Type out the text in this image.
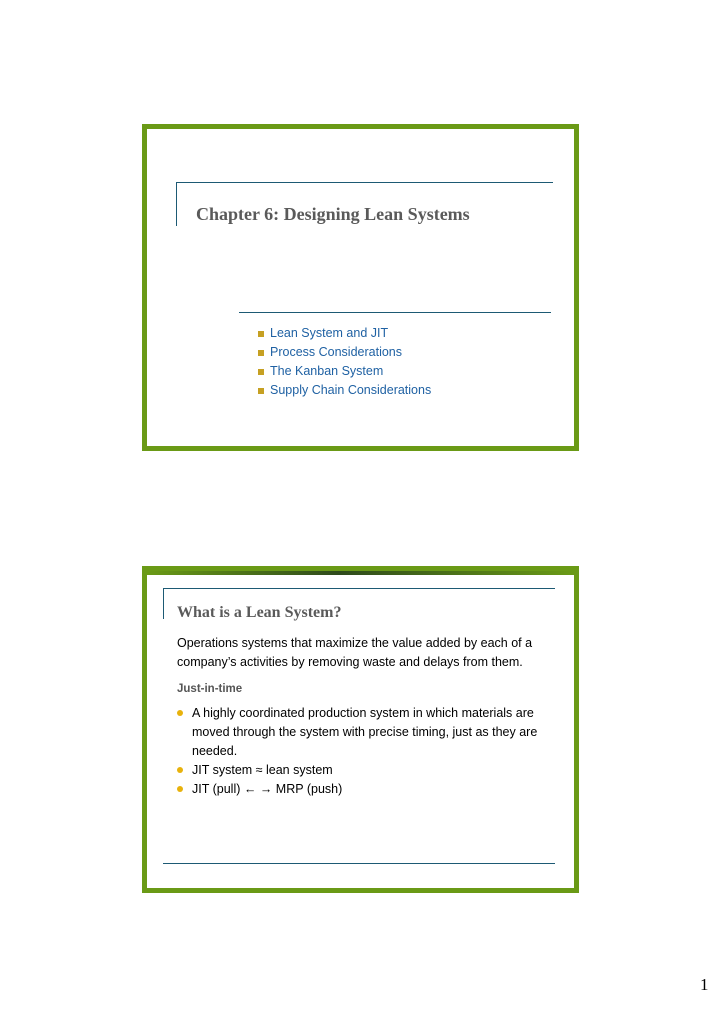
Chapter 6: Designing Lean Systems
Lean System and JIT
Process Considerations
The Kanban System
Supply Chain Considerations
What is a Lean System?

Operations systems that maximize the value added by each of a company’s activities by removing waste and delays from them.

Just-in-time
A highly coordinated production system in which materials are moved through the system with precise timing, just as they are needed.
JIT system ≈ lean system
JIT (pull) ← → MRP (push)
1
